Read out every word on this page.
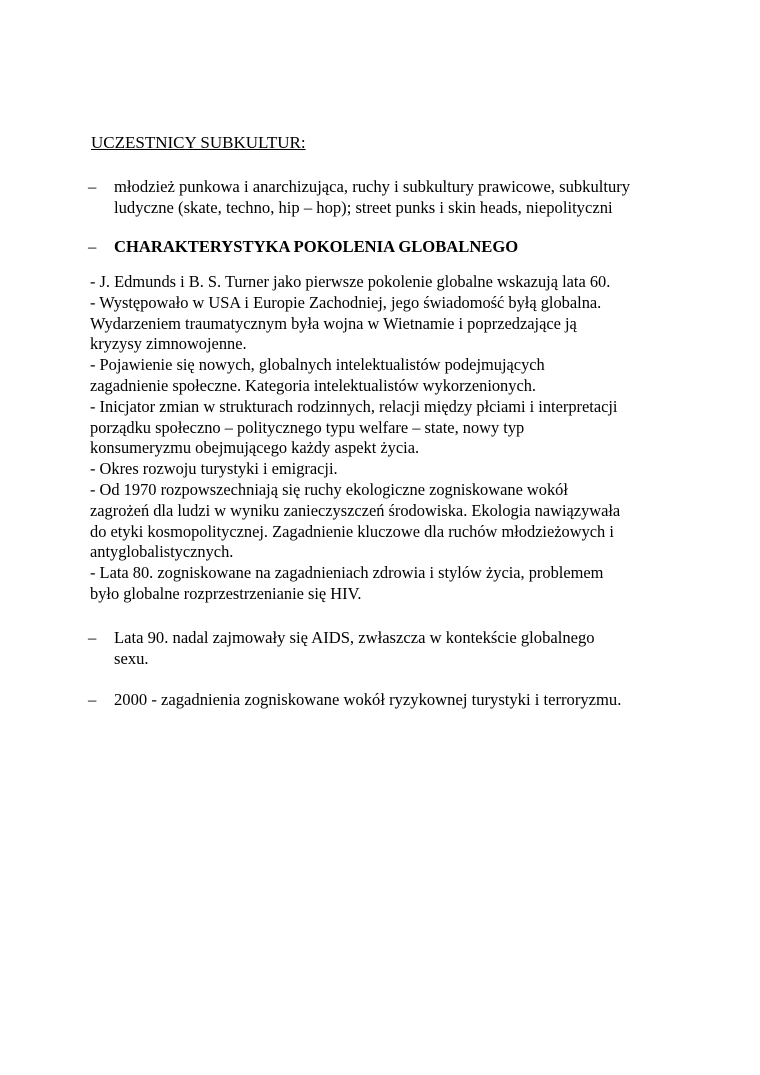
UCZESTNICY SUBKULTUR:
–	młodzież punkowa i anarchizująca, ruchy i subkultury prawicowe, subkultury
ludyczne (skate, techno, hip – hop); street punks i skin heads, niepolityczni
–	CHARAKTERYSTYKA POKOLENIA GLOBALNEGO

- J. Edmunds i B. S. Turner jako pierwsze pokolenie globalne wskazują lata 60.

- Występowało w USA i Europie Zachodniej, jego świadomość byłą globalna.

Wydarzeniem traumatycznym była wojna w Wietnamie i poprzedzające ją

kryzysy zimnowojenne.

- Pojawienie się nowych, globalnych intelektualistów podejmujących

zagadnienie społeczne. Kategoria intelektualistów wykorzenionych.

- Inicjator zmian w strukturach rodzinnych, relacji między płciami i interpretacji

porządku społeczno – politycznego typu welfare – state, nowy typ

konsumeryzmu obejmującego każdy aspekt życia.

- Okres rozwoju turystyki i emigracji.

- Od 1970 rozpowszechniają się ruchy ekologiczne zogniskowane wokół

zagrożeń dla ludzi w wyniku zanieczyszczeń środowiska. Ekologia nawiązywała

do etyki kosmopolitycznej. Zagadnienie kluczowe dla ruchów młodzieżowych i

antyglobalistycznych.

- Lata 80. zogniskowane na zagadnieniach zdrowia i stylów życia, problemem

było globalne rozprzestrzenianie się HIV.

–	Lata 90. nadal zajmowały się AIDS, zwłaszcza w kontekście globalnego
sexu.
–	2000 - zagadnienia zogniskowane wokół ryzykownej turystyki i terroryzmu.
